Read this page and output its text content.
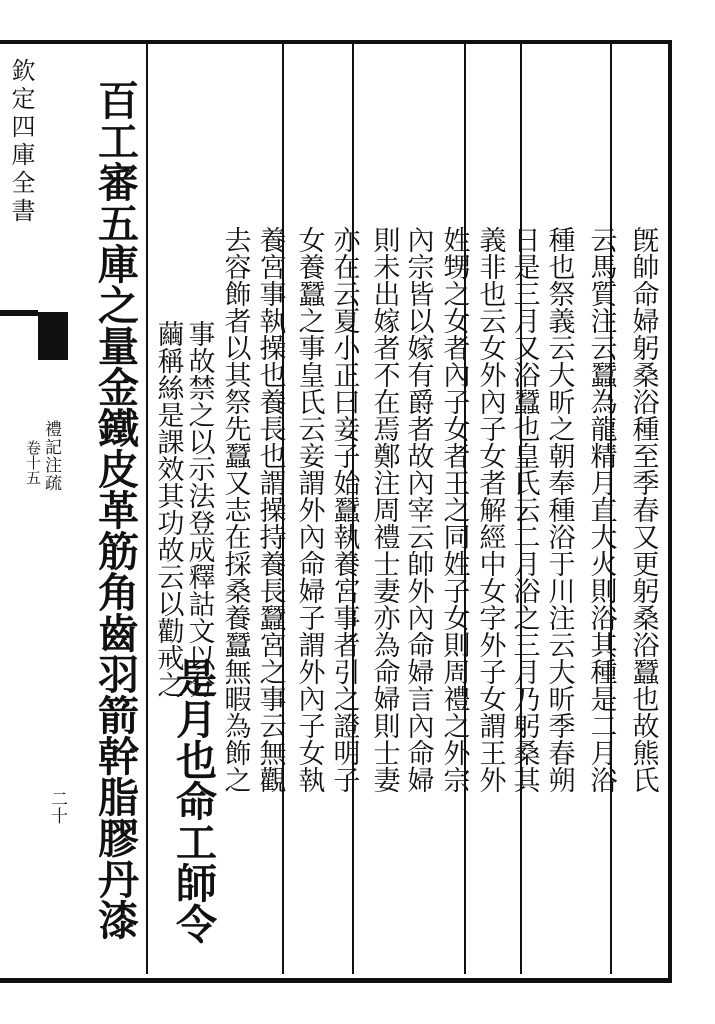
欽定四庫全書
禮記注疏
卷十五
二十
旣帥命婦躬桑浴種至季春又更躬桑浴蠶也故熊氏
云馬質注云蠶為龍精月直大火則浴其種是二月浴
種也祭義云大昕之朝奉種浴于川注云大昕季春朔
日是三月又浴蠶也皇氏云二月浴之三月乃躬桑其
義非也云女外內子女者解經中女字外子女謂王外
姓甥之女者內子女者王之同姓子女則周禮之外宗
內宗皆以嫁有爵者故內宰云帥外內命婦言內命婦
則未出嫁者不在焉鄭注周禮士妻亦為命婦則士妻
亦在云夏小正曰妾子始蠶執養宮事者引之證明子
女養蠶之事皇氏云妾謂外內命婦子謂外內子女執
養宮事執操也養長也謂操持養長蠶宮之事云無觀
去容飾者以其祭先蠶又志在採桑養蠶無暇為飾之
事故禁之以示法登成釋詁文以分
繭稱絲是課效其功故云以勸戒之
是月也命工師令
百工審五庫之量金鐵皮革筋角齒羽箭幹脂膠丹漆
